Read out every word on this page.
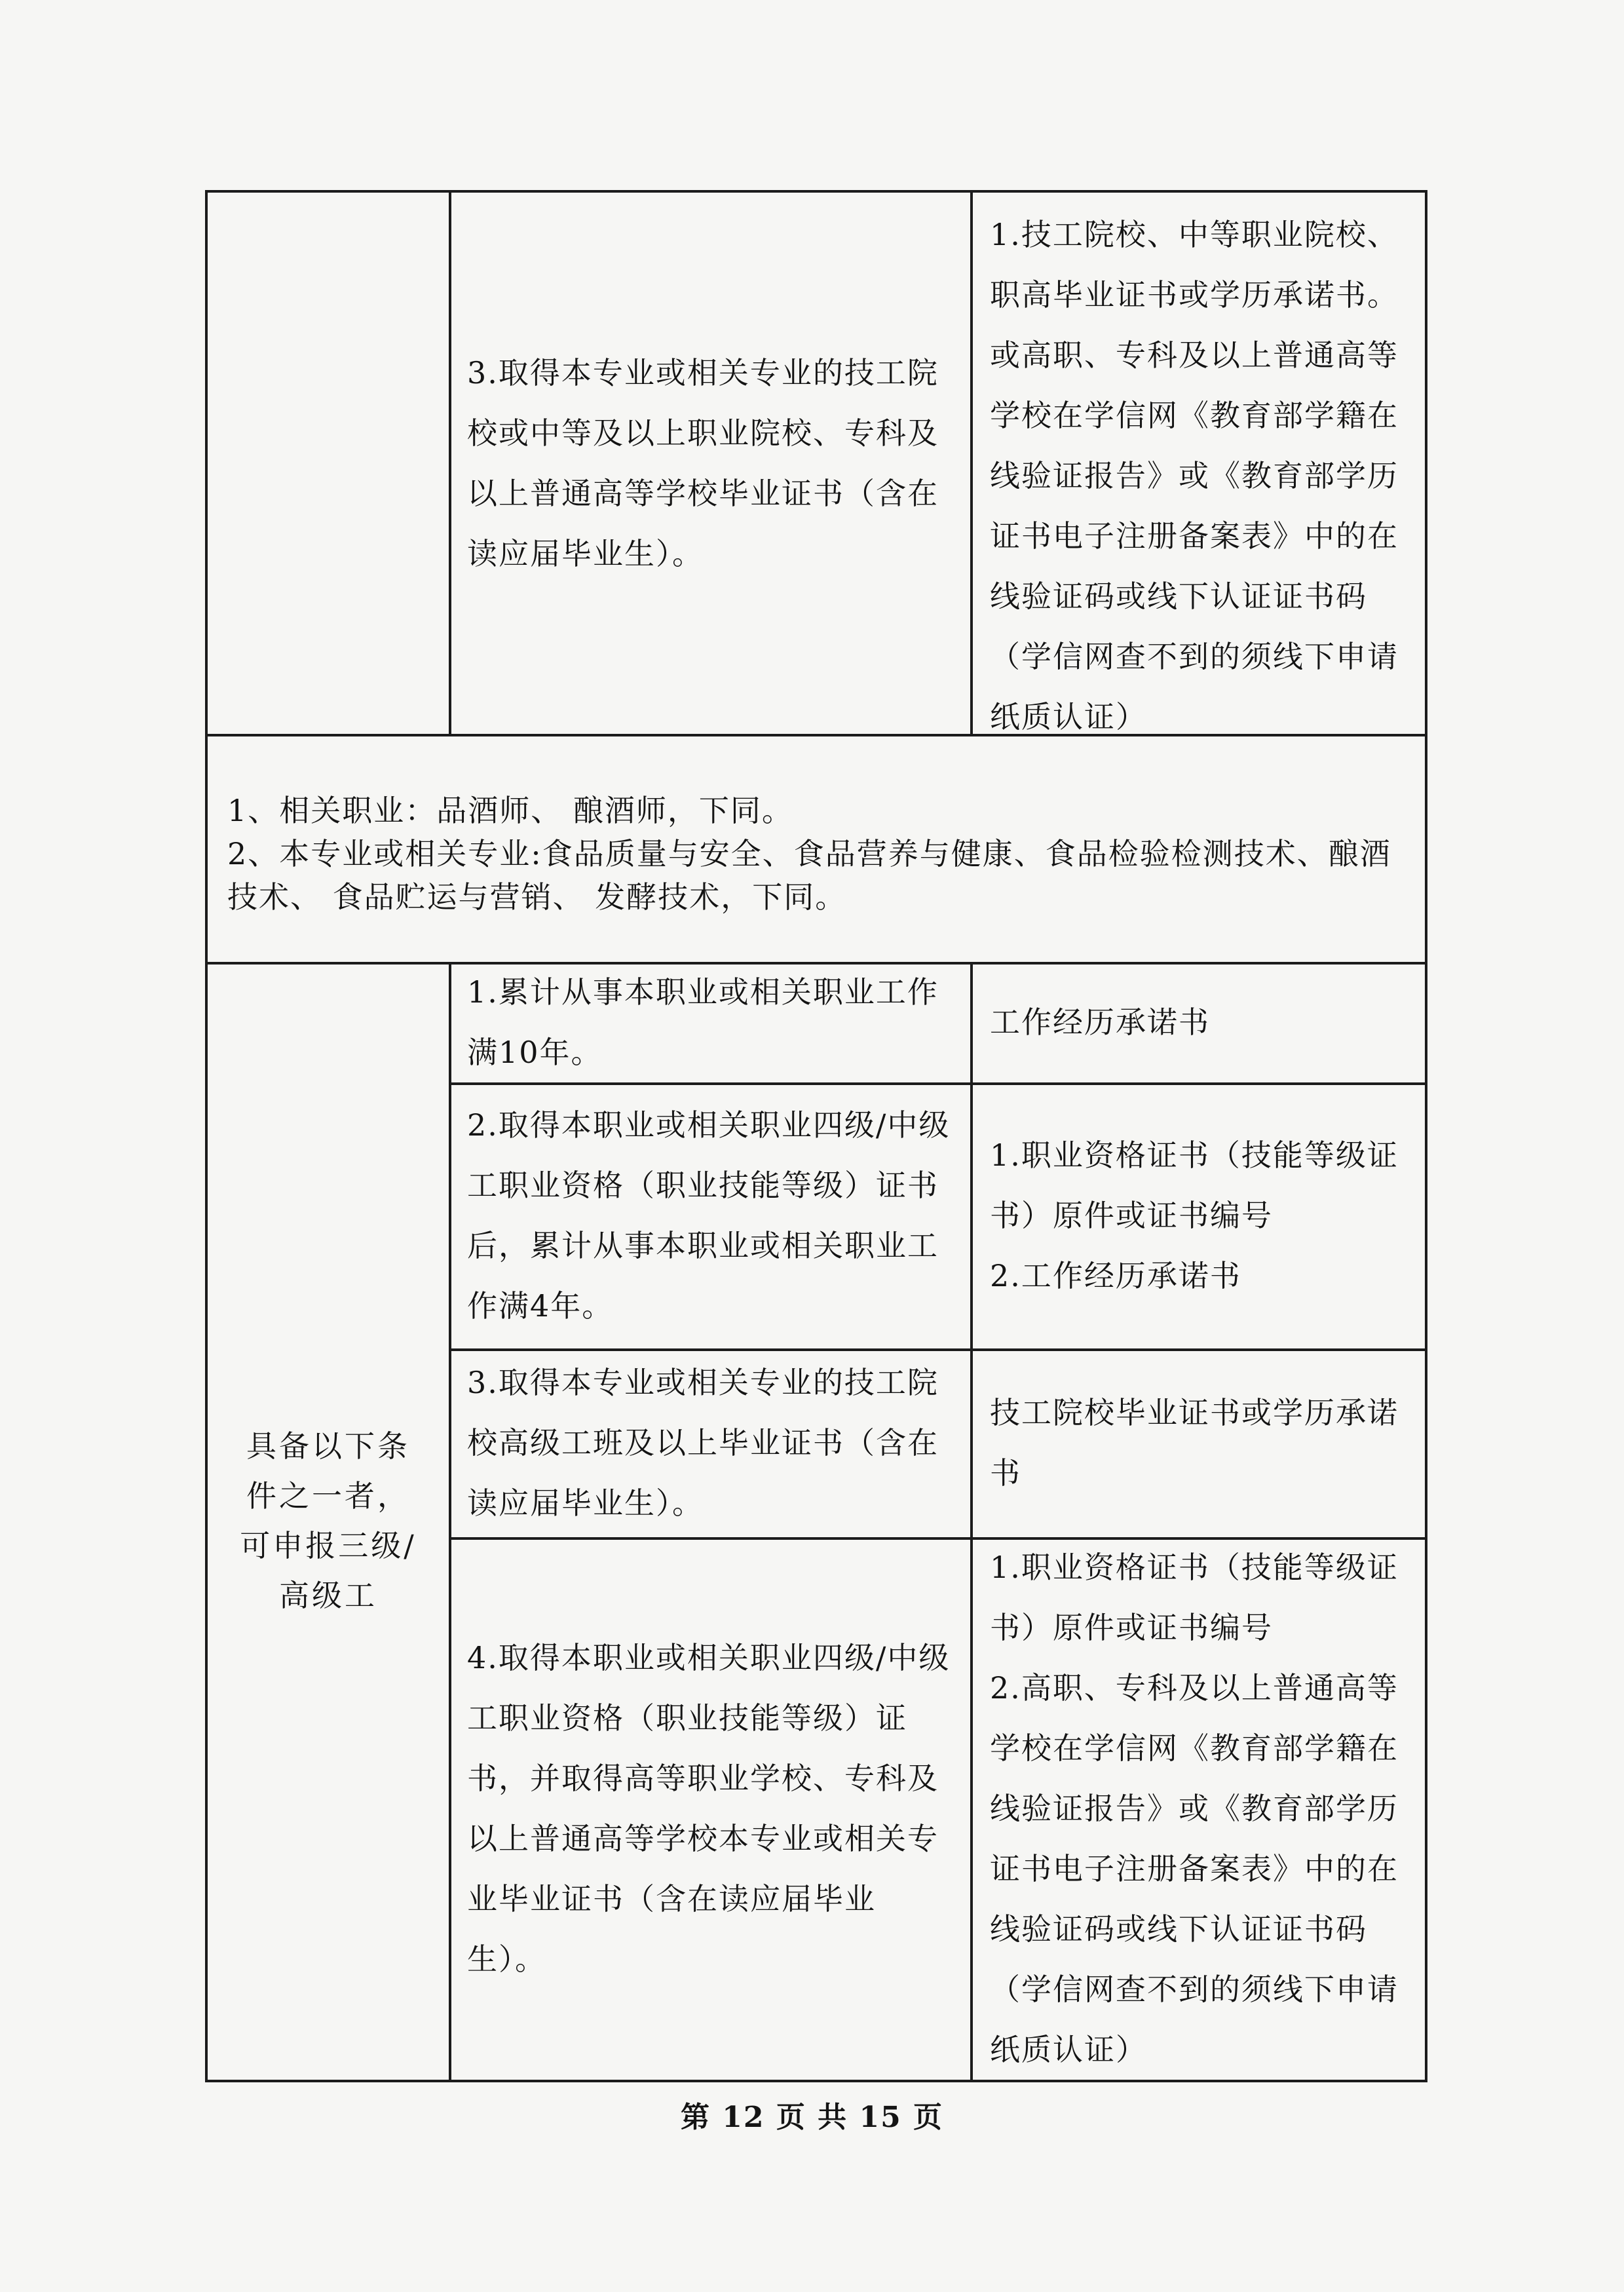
3.取得本专业或相关专业的技工院校或中等及以上职业院校、专科及以上普通高等学校毕业证书（含在读应届毕业生）。
1.技工院校、中等职业院校、职高毕业证书或学历承诺书。或高职、专科及以上普通高等学校在学信网《教育部学籍在线验证报告》或《教育部学历证书电子注册备案表》中的在线验证码或线下认证证书码（学信网查不到的须线下申请纸质认证）
1、相关职业：品酒师、 酿酒师，下同。
2、本专业或相关专业:食品质量与安全、食品营养与健康、食品检验检测技术、酿酒技术、 食品贮运与营销、 发酵技术，下同。
具备以下条件之一者，可申报三级/高级工
1.累计从事本职业或相关职业工作满10年。
工作经历承诺书
2.取得本职业或相关职业四级/中级工职业资格（职业技能等级）证书后，累计从事本职业或相关职业工作满4年。
1.职业资格证书（技能等级证书）原件或证书编号
2.工作经历承诺书
3.取得本专业或相关专业的技工院校高级工班及以上毕业证书（含在读应届毕业生）。
技工院校毕业证书或学历承诺书
4.取得本职业或相关职业四级/中级工职业资格（职业技能等级）证书，并取得高等职业学校、专科及以上普通高等学校本专业或相关专业毕业证书（含在读应届毕业生）。
1.职业资格证书（技能等级证书）原件或证书编号
2.高职、专科及以上普通高等学校在学信网《教育部学籍在线验证报告》或《教育部学历证书电子注册备案表》中的在线验证码或线下认证证书码（学信网查不到的须线下申请纸质认证）
第 12 页 共 15 页
